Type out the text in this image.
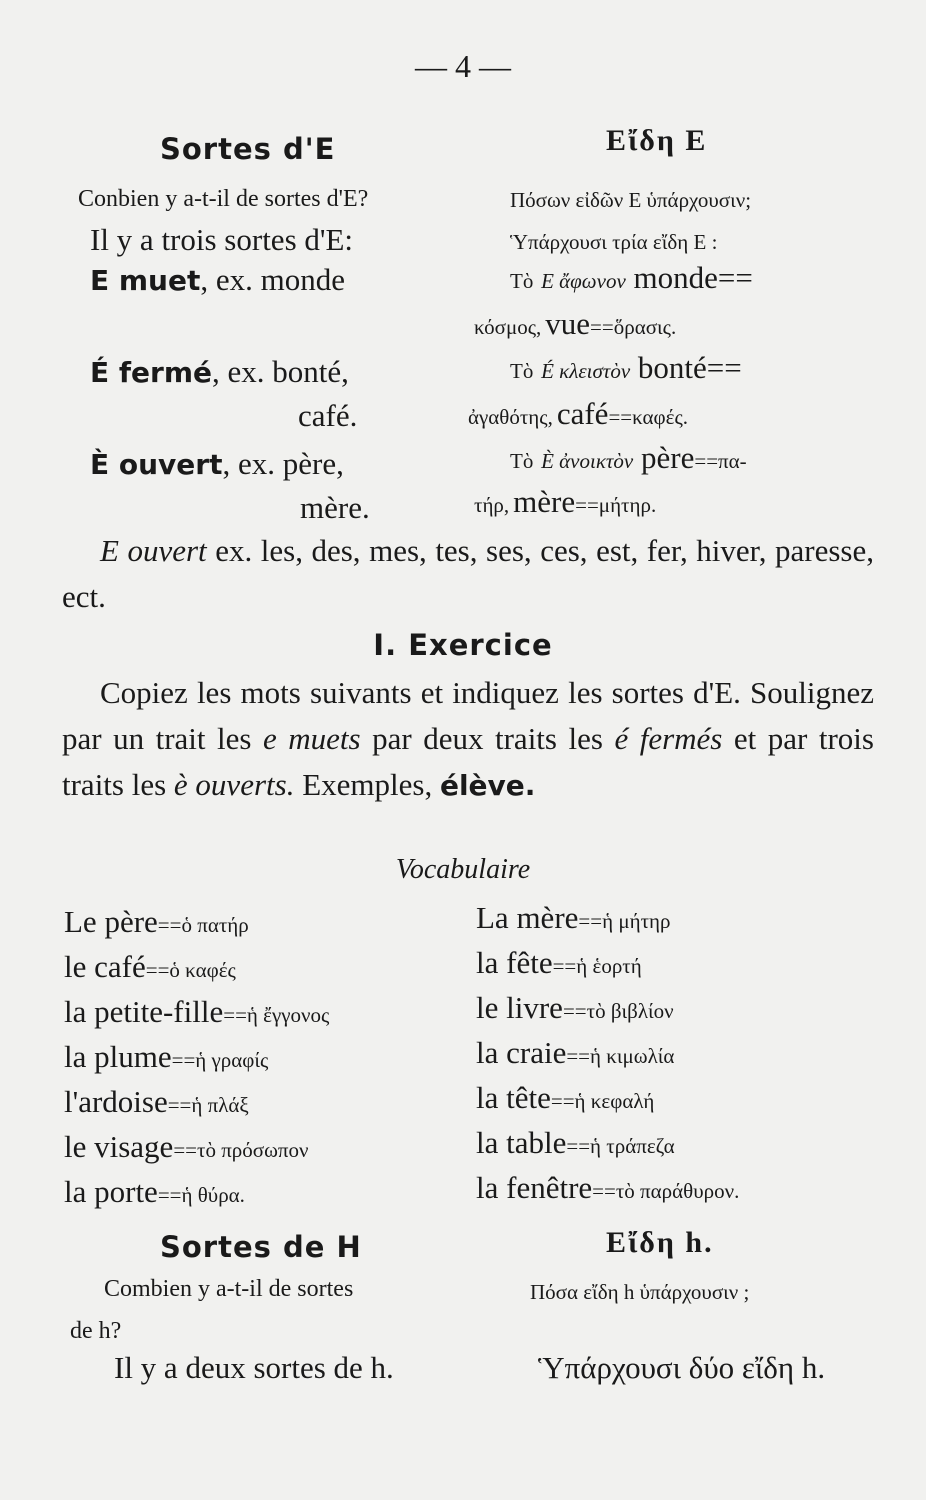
— 4 —
Sortes d'E	Εἴδη Ε
Conbien y a-t-il de sortes d'E?	Πόσων εἰδῶν Ε ὑπάρχουσιν;
Il y a trois sortes d'E:	Ὑπάρχουσι τρία εἴδη Ε :
E muet, ex. monde	Τὸ Ε ἄφωνον monde==
κόσμος, vue==ὅρασις.
É fermé, ex. bonté,
café.
Τὸ É κλειστὸν bonté==
ἀγαθότης, café==καφές.
È ouvert, ex. père,
mère.
Τὸ È ἀνοικτὸν père==πα-
τήρ, mère==μήτηρ.
E ouvert ex. les, des, mes, tes, ses, ces, est, fer, hiver, paresse, ect.
I. Exercice
Copiez les mots suivants et indiquez les sortes d'E. Soulignez par un trait les e muets par deux traits les é fermés et par trois traits les è ouverts. Exemples, élève.
Vocabulaire
Le père==ὁ πατήρ
le café==ὁ καφές
la petite-fille==ἡ ἔγγονος
la plume==ἡ γραφίς
l'ardoise==ἡ πλάξ
le visage==τὸ πρόσωπον
la porte==ἡ θύρα.
La mère==ἡ μήτηρ
la fête==ἡ ἑορτή
le livre==τὸ βιβλίον
la craie==ἡ κιμωλία
la tête==ἡ κεφαλή
la table==ἡ τράπεζα
la fenêtre==τὸ παράθυρον.
Sortes de H	Εἴδη h.
Combien y a-t-il de sortes
de h?
Πόσα εἴδη h ὑπάρχουσιν ;
Il y a deux sortes de h.	Ὑπάρχουσι δύο εἴδη h.
